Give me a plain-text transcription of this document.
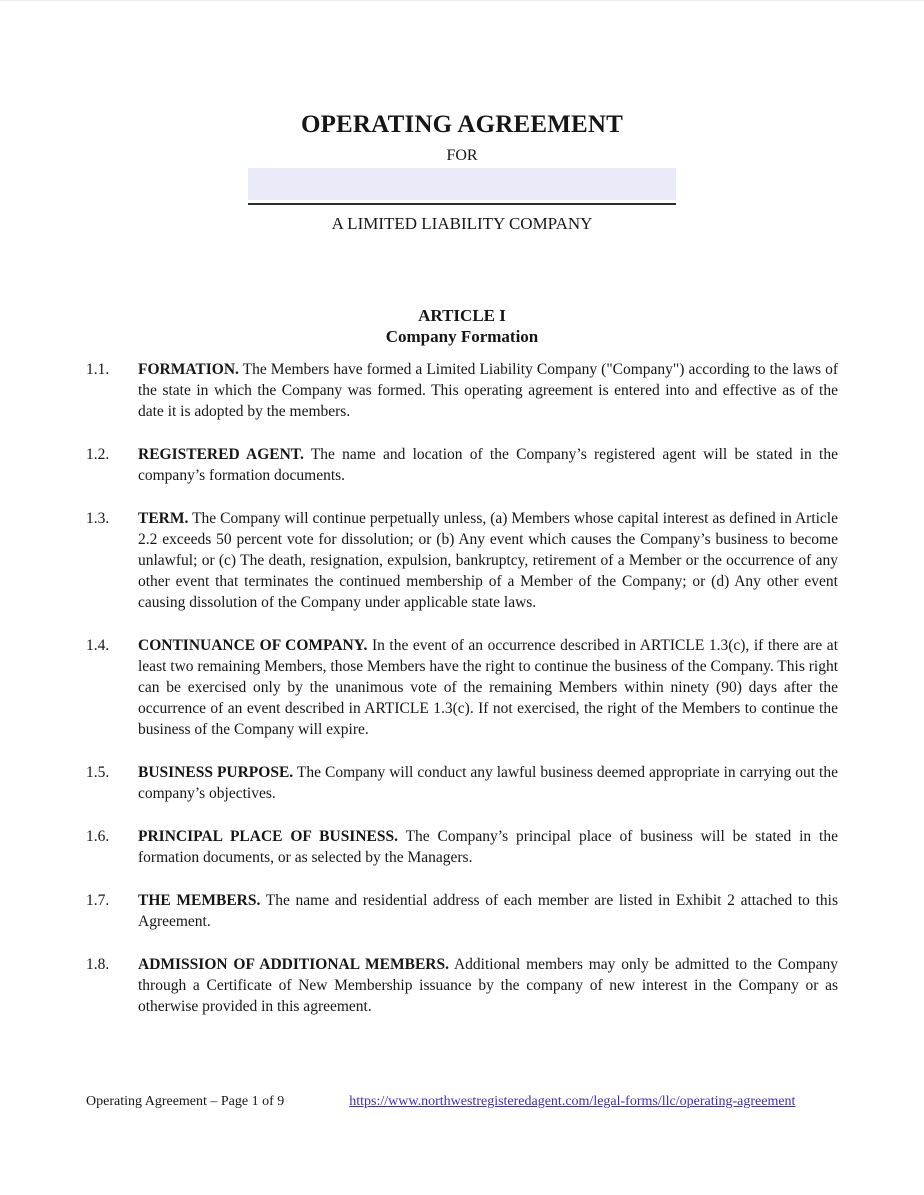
OPERATING AGREEMENT
FOR
A LIMITED LIABILITY COMPANY
ARTICLE I
Company Formation
1.1.	FORMATION. The Members have formed a Limited Liability Company ("Company") according to the laws of the state in which the Company was formed. This operating agreement is entered into and effective as of the date it is adopted by the members.

1.2.	REGISTERED AGENT. The name and location of the Company’s registered agent will be stated in the company’s formation documents.

1.3.	TERM. The Company will continue perpetually unless, (a) Members whose capital interest as defined in Article 2.2 exceeds 50 percent vote for dissolution; or (b) Any event which causes the Company’s business to become unlawful; or (c) The death, resignation, expulsion, bankruptcy, retirement of a Member or the occurrence of any other event that terminates the continued membership of a Member of the Company; or (d) Any other event causing dissolution of the Company under applicable state laws.

1.4.	CONTINUANCE OF COMPANY. In the event of an occurrence described in ARTICLE 1.3(c), if there are at least two remaining Members, those Members have the right to continue the business of the Company. This right can be exercised only by the unanimous vote of the remaining Members within ninety (90) days after the occurrence of an event described in ARTICLE 1.3(c). If not exercised, the right of the Members to continue the business of the Company will expire.

1.5.	BUSINESS PURPOSE. The Company will conduct any lawful business deemed appropriate in carrying out the company’s objectives.

1.6.	PRINCIPAL PLACE OF BUSINESS. The Company’s principal place of business will be stated in the formation documents, or as selected by the Managers.

1.7.	THE MEMBERS. The name and residential address of each member are listed in Exhibit 2 attached to this Agreement.

1.8.	ADMISSION OF ADDITIONAL MEMBERS. Additional members may only be admitted to the Company through a Certificate of New Membership issuance by the company of new interest in the Company or as otherwise provided in this agreement.

Operating Agreement – Page 1 of 9	https://www.northwestregisteredagent.com/legal-forms/llc/operating-agreement
